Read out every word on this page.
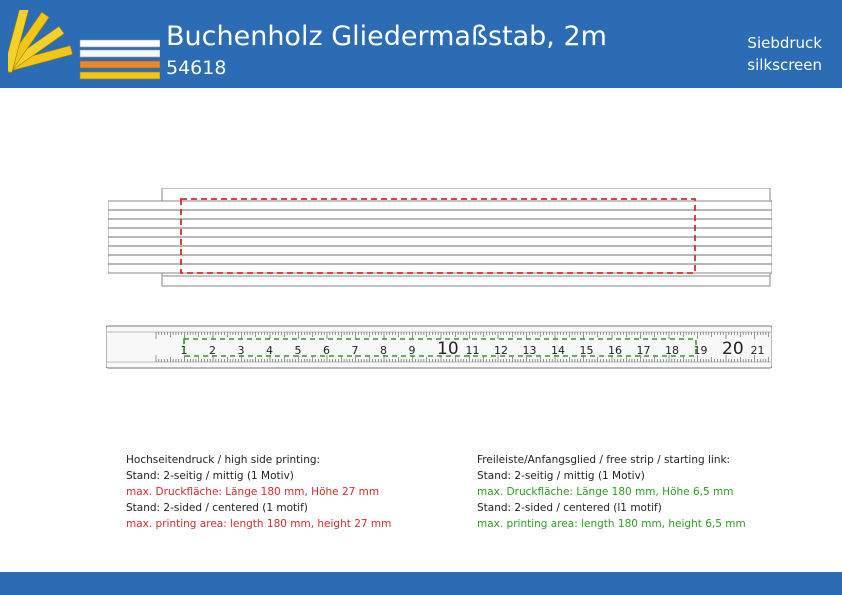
Buchenholz Gliedermaßstab, 2m
54618
Siebdruck
silkscreen
1 2 3 4 5 6 7 8 9 10 11 12 13 14 15 16 17 18 19 20 21
Hochseitendruck / high side printing:
Stand: 2-seitig / mittig (1 Motiv)
max. Druckfläche: Länge 180 mm, Höhe 27 mm
Stand: 2-sided / centered (1 motif)
max. printing area: length 180 mm, height 27 mm
Freileiste/Anfangsglied / free strip / starting link:
Stand: 2-seitig / mittig (1 Motiv)
max. Druckfläche: Länge 180 mm, Höhe 6,5 mm
Stand: 2-sided / centered (l1 motif)
max. printing area: length 180 mm, height 6,5 mm
